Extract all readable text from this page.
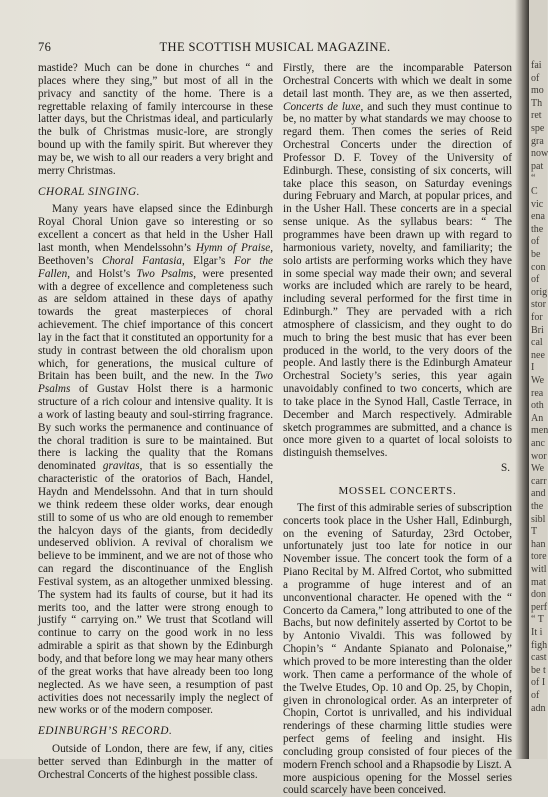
76	THE SCOTTISH MUSICAL MAGAZINE.

mastide? Much can be done in churches “ and places where they sing,” but most of all in the privacy and sanctity of the home. There is a regrettable relaxing of family intercourse in these latter days, but the Christmas ideal, and particularly the bulk of Christmas music-lore, are strongly bound up with the family spirit. But wherever they may be, we wish to all our readers a very bright and merry Christmas.

CHORAL SINGING.

Many years have elapsed since the Edinburgh Royal Choral Union gave so interesting or so excellent a concert as that held in the Usher Hall last month, when Mendelssohn’s Hymn of Praise, Beethoven’s Choral Fantasia, Elgar’s For the Fallen, and Holst’s Two Psalms, were presented with a degree of excellence and completeness such as are seldom attained in these days of apathy towards the great masterpieces of choral achievement. The chief importance of this concert lay in the fact that it constituted an opportunity for a study in contrast between the old choralism upon which, for generations, the musical culture of Britain has been built, and the new. In the Two Psalms of Gustav Holst there is a harmonic structure of a rich colour and intensive quality. It is a work of lasting beauty and soul-stirring fragrance. By such works the permanence and continuance of the choral tradition is sure to be maintained. But there is lacking the quality that the Romans denominated gravitas, that is so essentially the characteristic of the oratorios of Bach, Handel, Haydn and Mendelssohn. And that in turn should we think redeem these older works, dear enough still to some of us who are old enough to remember the halcyon days of the giants, from decidedly undeserved oblivion. A revival of choralism we believe to be imminent, and we are not of those who can regard the discontinuance of the English Festival system, as an altogether unmixed blessing. The system had its faults of course, but it had its merits too, and the latter were strong enough to justify “ carrying on.” We trust that Scotland will continue to carry on the good work in no less admirable a spirit as that shown by the Edinburgh body, and that before long we may hear many others of the great works that have already been too long neglected. As we have seen, a resumption of past activities does not necessarily imply the neglect of new works or of the modern composer.

EDINBURGH’S RECORD.

Outside of London, there are few, if any, cities better served than Edinburgh in the matter of Orchestral Concerts of the highest possible class.

Firstly, there are the incomparable Paterson Orchestral Concerts with which we dealt in some detail last month. They are, as we then asserted, Concerts de luxe, and such they must continue to be, no matter by what standards we may choose to regard them. Then comes the series of Reid Orchestral Concerts under the direction of Professor D. F. Tovey of the University of Edinburgh. These, consisting of six concerts, will take place this season, on Saturday evenings during February and March, at popular prices, and in the Usher Hall. These concerts are in a special sense unique. As the syllabus bears: “ The programmes have been drawn up with regard to harmonious variety, novelty, and familiarity; the solo artists are performing works which they have in some special way made their own; and several works are included which are rarely to be heard, including several performed for the first time in Edinburgh.” They are pervaded with a rich atmosphere of classicism, and they ought to do much to bring the best music that has ever been produced in the world, to the very doors of the people. And lastly there is the Edinburgh Amateur Orchestral Society’s series, this year again unavoidably confined to two concerts, which are to take place in the Synod Hall, Castle Terrace, in December and March respectively. Admirable sketch programmes are submitted, and a chance is once more given to a quartet of local soloists to distinguish themselves.

S.
MOSSEL CONCERTS.

The first of this admirable series of subscription concerts took place in the Usher Hall, Edinburgh, on the evening of Saturday, 23rd October, unfortunately just too late for notice in our November issue. The concert took the form of a Piano Recital by M. Alfred Cortot, who submitted a programme of huge interest and of an unconventional character. He opened with the “ Concerto da Camera,” long attributed to one of the Bachs, but now definitely asserted by Cortot to be by Antonio Vivaldi. This was followed by Chopin’s “ Andante Spianato and Polonaise,” which proved to be more interesting than the older work. Then came a performance of the whole of the Twelve Etudes, Op. 10 and Op. 25, by Chopin, given in chronological order. As an interpreter of Chopin, Cortot is unrivalled, and his individual renderings of these charming little studies were perfect gems of feeling and insight. His concluding group consisted of four pieces of the modern French school and a Rhapsodie by Liszt. A more auspicious opening for the Mossel series could scarcely have been conceived.

fai
of
mo
Th
ret
spe
gra
now
pat
“
C
vic
ena
the
of
be
con
of
orig
stor
for
Bri
cal
nee
I
We
rea
oth
An
men
anc
wor
We
carr
and
the
sibl
T
han
tore
witl
mat
don
perf
“ T
It i
figh
cast
be t
of I
of
adn
